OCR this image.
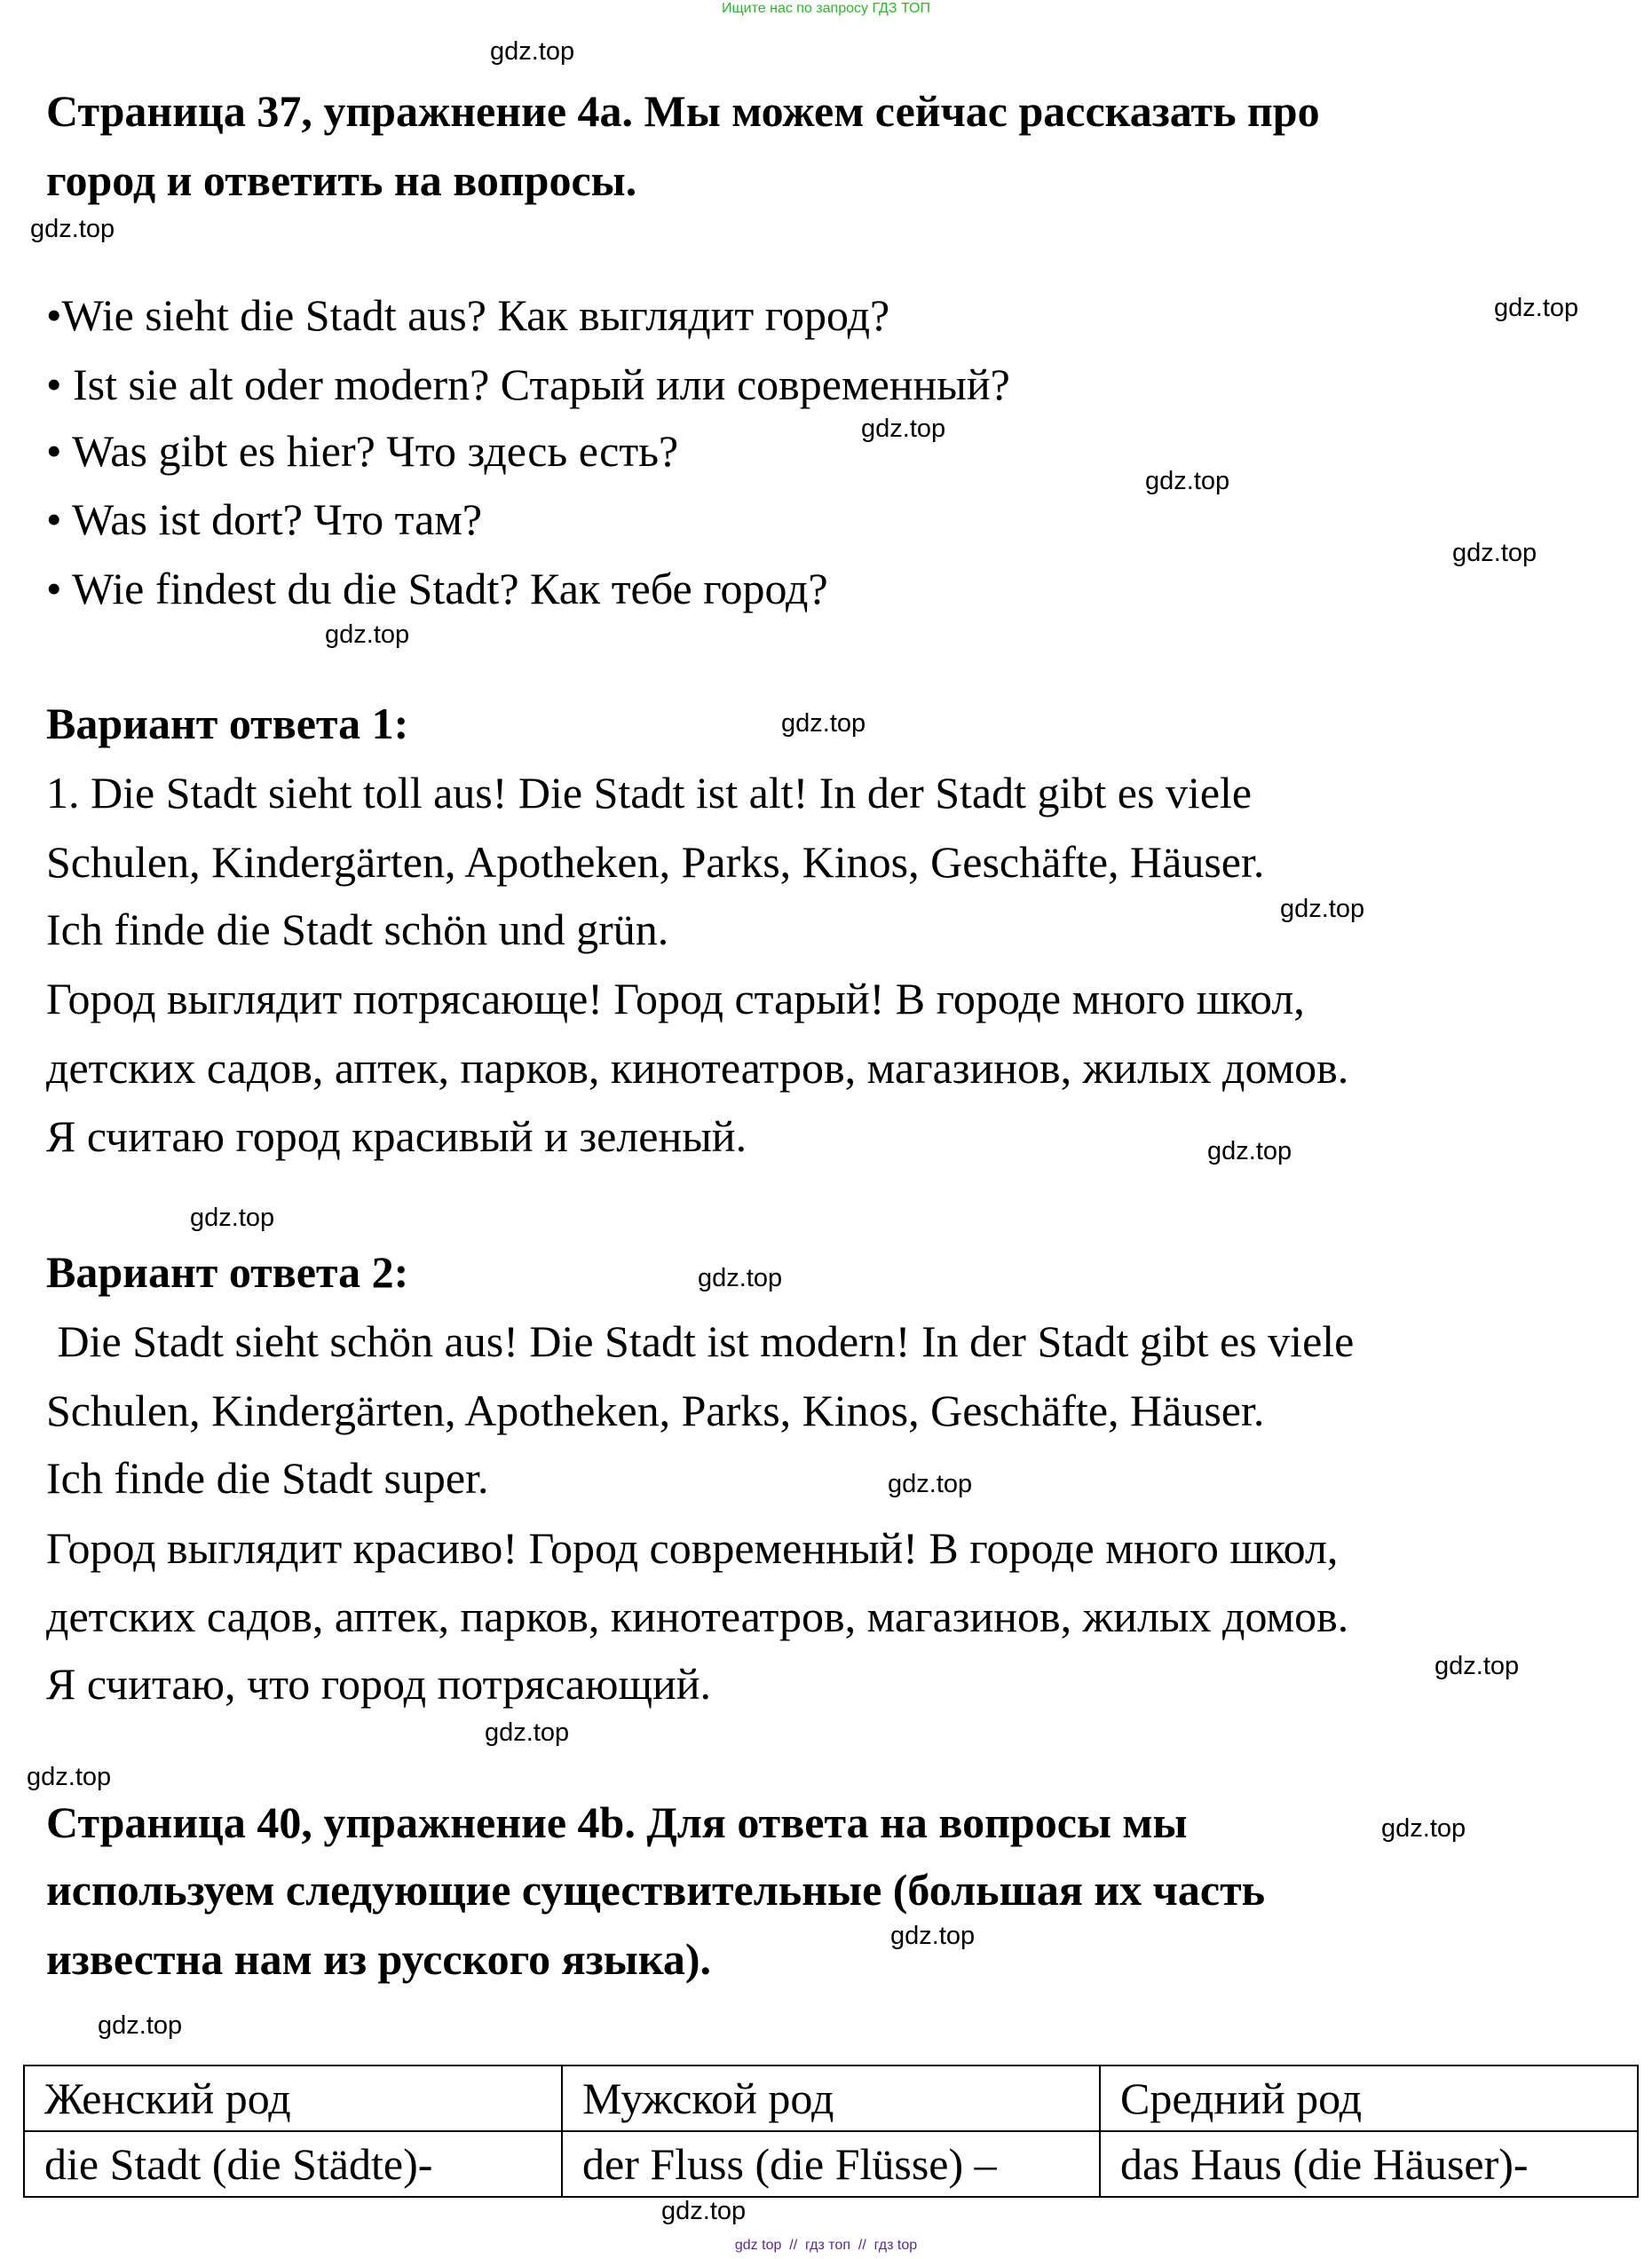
Ищите нас по запросу ГДЗ ТОП
gdz.top
gdz.top
gdz.top
gdz.top
gdz.top
gdz.top
gdz.top
gdz.top
gdz.top
gdz.top
gdz.top
gdz.top
gdz.top
gdz.top
gdz.top
gdz.top
gdz.top
gdz.top
gdz.top
gdz.top
Страница 37, упражнение 4a. Мы можем сейчас рассказать про
город и ответить на вопросы.
•Wie sieht die Stadt aus? Как выглядит город?
• Ist sie alt oder modern? Старый или современный?
• Was gibt es hier? Что здесь есть?
• Was ist dort? Что там?
• Wie findest du die Stadt? Как тебе город?
Вариант ответа 1:
1. Die Stadt sieht toll aus! Die Stadt ist alt! In der Stadt gibt es viele
Schulen, Kindergärten, Apotheken, Parks, Kinos, Geschäfte, Häuser.
Ich finde die Stadt schön und grün.
Город выглядит потрясающе! Город старый! В городе много школ,
детских садов, аптек, парков, кинотеатров, магазинов, жилых домов.
Я считаю город красивый и зеленый.
Вариант ответа 2:
Die Stadt sieht schön aus! Die Stadt ist modern! In der Stadt gibt es viele
Schulen, Kindergärten, Apotheken, Parks, Kinos, Geschäfte, Häuser.
Ich finde die Stadt super.
Город выглядит красиво! Город современный! В городе много школ,
детских садов, аптек, парков, кинотеатров, магазинов, жилых домов.
Я считаю, что город потрясающий.
Страница 40, упражнение 4b. Для ответа на вопросы мы
используем следующие существительные (большая их часть
известна нам из русского языка).
Женский род	Мужской род	Средний род
die Stadt (die Städte)-	der Fluss (die Flüsse) –	das Haus (die Häuser)-
gdz top  //  гдз топ  //  гдз top
